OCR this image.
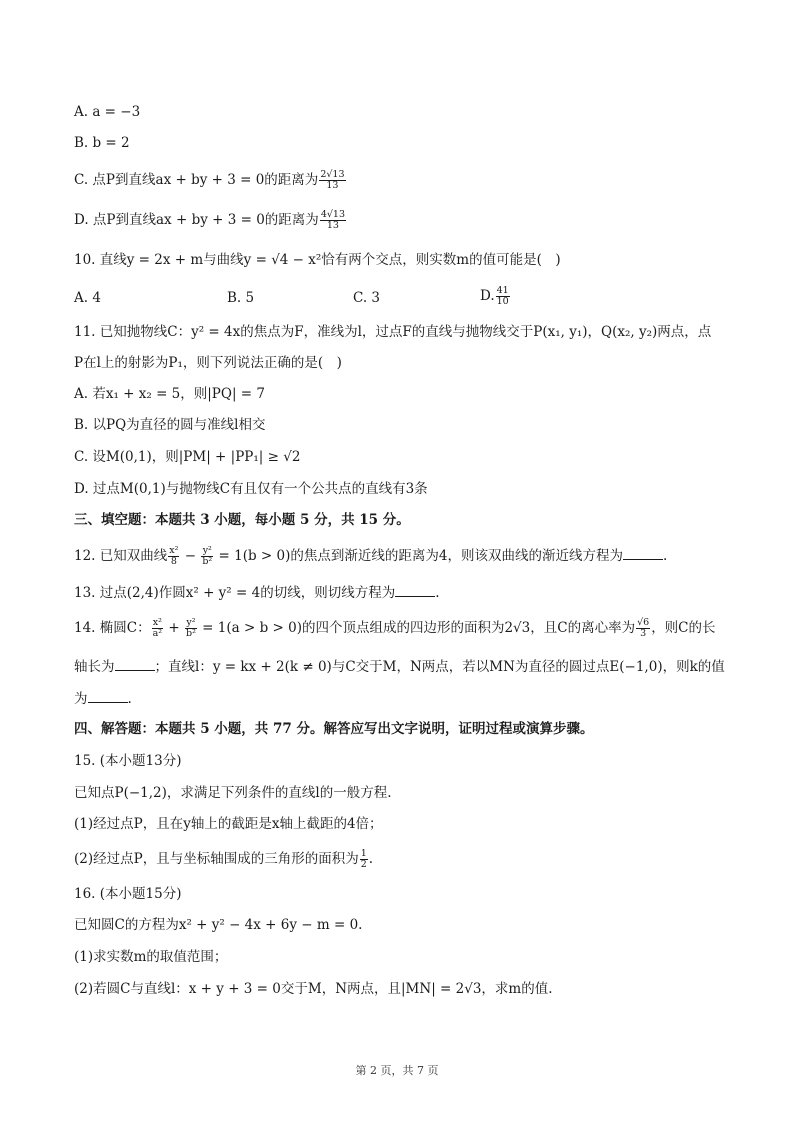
A. a = −3
B. b = 2
C. 点P到直线ax + by + 3 = 0的距离为 $\frac{2√13}{13}$
D. 点P到直线ax + by + 3 = 0的距离为 $\frac{4√13}{13}$
10. 直线y = 2x + m与曲线y = √4 − x²恰有两个交点，则实数m的值可能是(　)
A. 4	B. 5	C. 3	D. $\frac{41}{10}$
11. 已知抛物线C：y² = 4x的焦点为F，准线为l，过点F的直线与抛物线交于P(x₁, y₁)，Q(x₂, y₂)两点，点
P在l上的射影为P₁，则下列说法正确的是(　)
A. 若x₁ + x₂ = 5，则|PQ| = 7
B. 以PQ为直径的圆与准线l相交
C. 设M(0,1)，则|PM| + |PP₁| ≥ √2
D. 过点M(0,1)与抛物线C有且仅有一个公共点的直线有3条
三、填空题：本题共 3 小题，每小题 5 分，共 15 分。
12. 已知双曲线 $\frac{\text{x²}}{8} - \frac{\text{y²}}{\text{b²}} = 1(b > 0)$的焦点到渐近线的距离为4，则该双曲线的渐近线方程为	.
13. 过点(2,4)作圆x² + y² = 4的切线，则切线方程为	.
14. 椭圆C： $\frac{\text{x²}}{\text{a²}} + \frac{\text{y²}}{\text{b²}} = 1(a > b > 0)$的四个顶点组成的四边形的面积为2√3，且C的离心率为 $\frac{√6}{3}$ ，则C的长
轴长为	；直线l：y = kx + 2(k ≠ 0)与C交于M，N两点，若以MN为直径的圆过点E(−1,0)，则k的值
为	.
四、解答题：本题共 5 小题，共 77 分。解答应写出文字说明，证明过程或演算步骤。
15. (本小题13分)
已知点P(−1,2)，求满足下列条件的直线l的一般方程.
(1)经过点P，且在y轴上的截距是x轴上截距的4倍；
(2)经过点P，且与坐标轴围成的三角形的面积为 $\frac{1}{2}$ .
16. (本小题15分)
已知圆C的方程为x² + y² − 4x + 6y − m = 0.
(1)求实数m的取值范围；
(2)若圆C与直线l：x + y + 3 = 0交于M，N两点，且|MN| = 2√3，求m的值.
第 2 页，共 7 页
